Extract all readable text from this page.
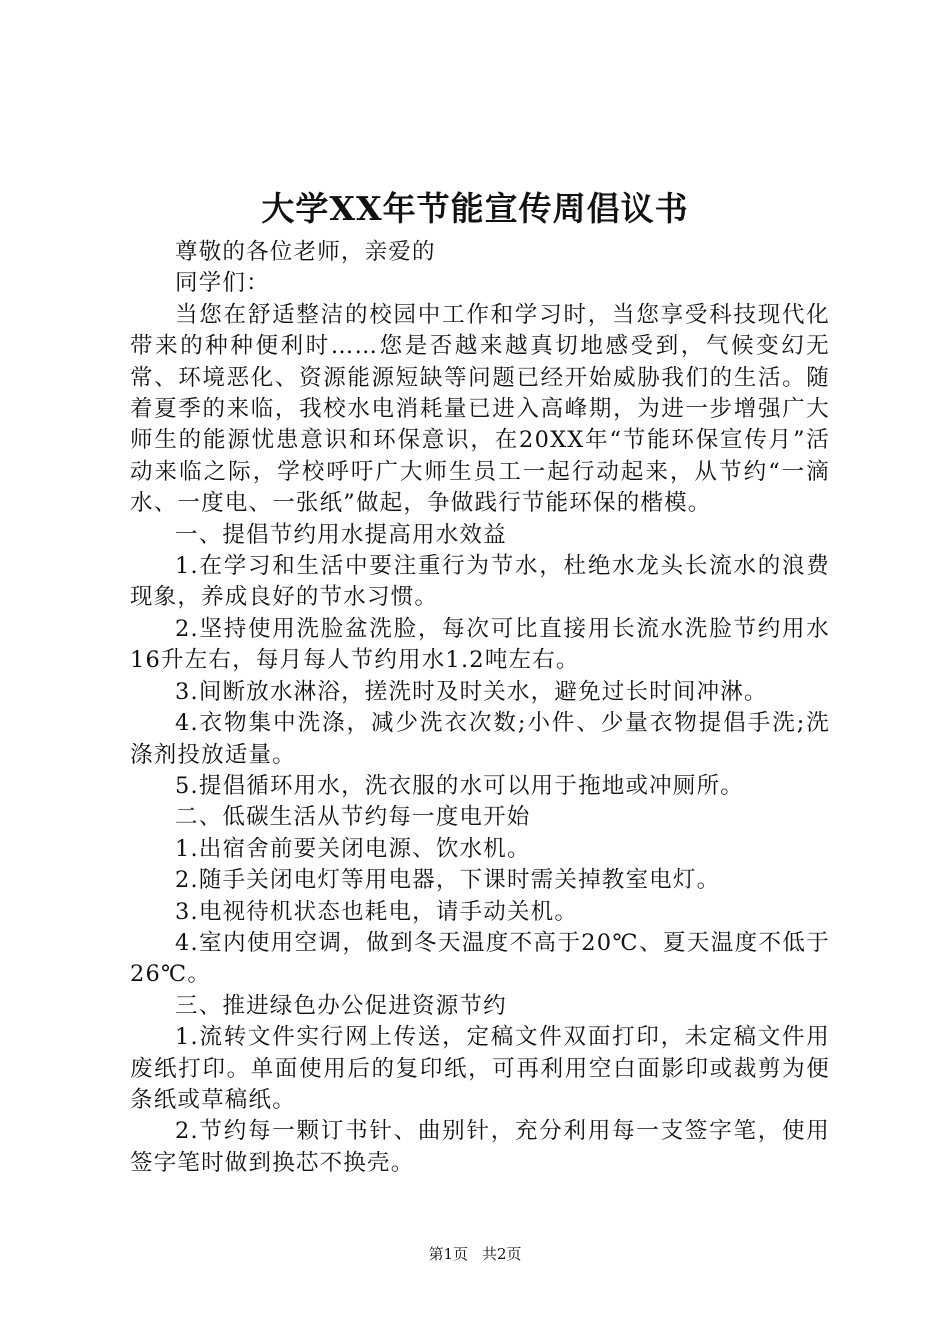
大学XX年节能宣传周倡议书

尊敬的各位老师，亲爱的

同学们：

当您在舒适整洁的校园中工作和学习时，当您享受科技现代化带来的种种便利时……您是否越来越真切地感受到，气候变幻无常、环境恶化、资源能源短缺等问题已经开始威胁我们的生活。随着夏季的来临，我校水电消耗量已进入高峰期，为进一步增强广大师生的能源忧患意识和环保意识，在20XX年“节能环保宣传月”活动来临之际，学校呼吁广大师生员工一起行动起来，从节约“一滴水、一度电、一张纸”做起，争做践行节能环保的楷模。

一、提倡节约用水提高用水效益

1.在学习和生活中要注重行为节水，杜绝水龙头长流水的浪费现象，养成良好的节水习惯。

2.坚持使用洗脸盆洗脸，每次可比直接用长流水洗脸节约用水16升左右，每月每人节约用水1.2吨左右。

3.间断放水淋浴，搓洗时及时关水，避免过长时间冲淋。

4.衣物集中洗涤，减少洗衣次数;小件、少量衣物提倡手洗;洗涤剂投放适量。

5.提倡循环用水，洗衣服的水可以用于拖地或冲厕所。

二、低碳生活从节约每一度电开始

1.出宿舍前要关闭电源、饮水机。

2.随手关闭电灯等用电器，下课时需关掉教室电灯。

3.电视待机状态也耗电，请手动关机。

4.室内使用空调，做到冬天温度不高于20℃、夏天温度不低于26℃。

三、推进绿色办公促进资源节约

1.流转文件实行网上传送，定稿文件双面打印，未定稿文件用废纸打印。单面使用后的复印纸，可再利用空白面影印或裁剪为便条纸或草稿纸。

2.节约每一颗订书针、曲别针，充分利用每一支签字笔，使用签字笔时做到换芯不换壳。

第1页 共2页
